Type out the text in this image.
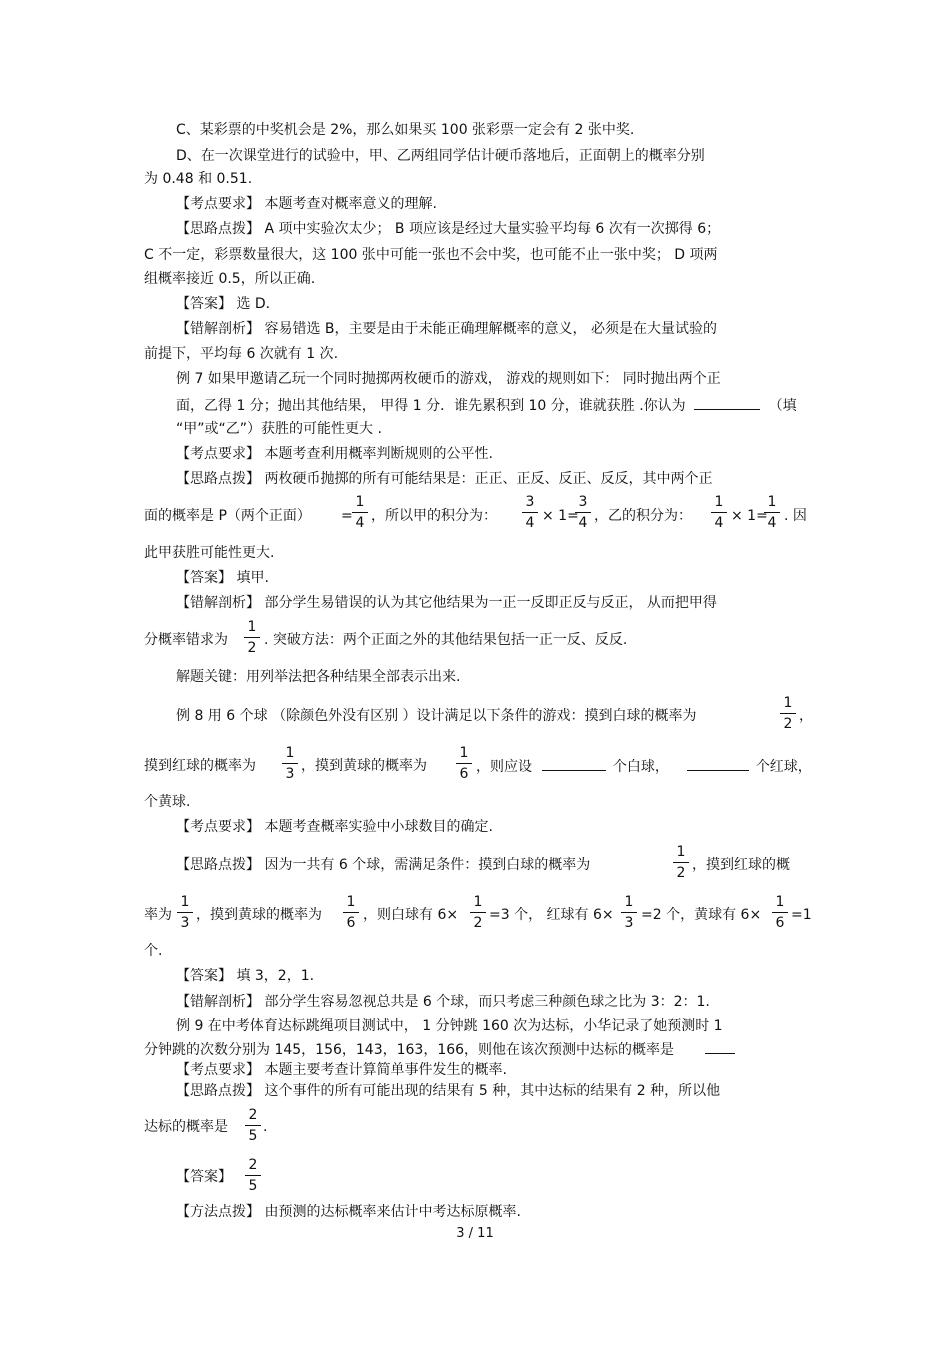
C、某彩票的中奖机会是 2%，那么如果买 100 张彩票一定会有 2 张中奖.
D、在一次课堂进行的试验中，甲、乙两组同学估计硬币落地后，正面朝上的概率分别
为 0.48 和 0.51.
【考点要求】 本题考查对概率意义的理解.
【思路点拨】 A 项中实验次太少； B 项应该是经过大量实验平均每 6 次有一次掷得 6；
C 不一定，彩票数量很大，这 100 张中可能一张也不会中奖，也可能不止一张中奖； D 项两
组概率接近 0.5，所以正确.
【答案】 选 D．
【错解剖析】 容易错选 B，主要是由于未能正确理解概率的意义， 必须是在大量试验的
前提下，平均每 6 次就有 1 次.
例 7 如果甲邀请乙玩一个同时抛掷两枚硬币的游戏， 游戏的规则如下： 同时抛出两个正
面，乙得 1 分；抛出其他结果， 甲得 1 分．谁先累积到 10 分，谁就获胜 .你认为	（填
“甲”或“乙”）获胜的可能性更大 .
【考点要求】 本题考查利用概率判断规则的公平性.
【思路点拨】 两枚硬币抛掷的所有可能结果是：正正、正反、反正、反反，其中两个正
面的概率是 P（两个正面） =
1
4 ，所以甲的积分为：
3
4 × 1=
3
4 ，乙的积分为：
1
4 × 1=
1
4 . 因
此甲获胜可能性更大.
【答案】 填甲.
【错解剖析】 部分学生易错误的认为其它他结果为一正一反即正反与反正， 从而把甲得
分概率错求为
1
2 . 突破方法：两个正面之外的其他结果包括一正一反、反反.
解题关键：用列举法把各种结果全部表示出来.
例 8 用 6 个球 （除颜色外没有区别 ）设计满足以下条件的游戏：摸到白球的概率为
1
2 ，
摸到红球的概率为
1
3 ，摸到黄球的概率为
1
6 ，则应设	个白球，	个红球，
个黄球.
【考点要求】 本题考查概率实验中小球数目的确定.
【思路点拨】 因为一共有 6 个球，需满足条件：摸到白球的概率为
1
2 ，摸到红球的概
率为
1
3 ，摸到黄球的概率为
1
6 ，则白球有 6×
1
2 =3 个， 红球有 6×
1
3 =2 个，黄球有 6×
1
6 =1
个.
【答案】 填 3，2，1.
【错解剖析】 部分学生容易忽视总共是 6 个球，而只考虑三种颜色球之比为 3：2：1.
例 9 在中考体育达标跳绳项目测试中， 1 分钟跳 160 次为达标，小华记录了她预测时 1
分钟跳的次数分别为 145，156，143，163，166，则他在该次预测中达标的概率是
【考点要求】 本题主要考查计算简单事件发生的概率.
【思路点拨】 这个事件的所有可能出现的结果有 5 种，其中达标的结果有 2 种，所以他
达标的概率是
2
5
.
【答案】
2
5
【方法点拨】 由预测的达标概率来估计中考达标原概率.
3 / 11
